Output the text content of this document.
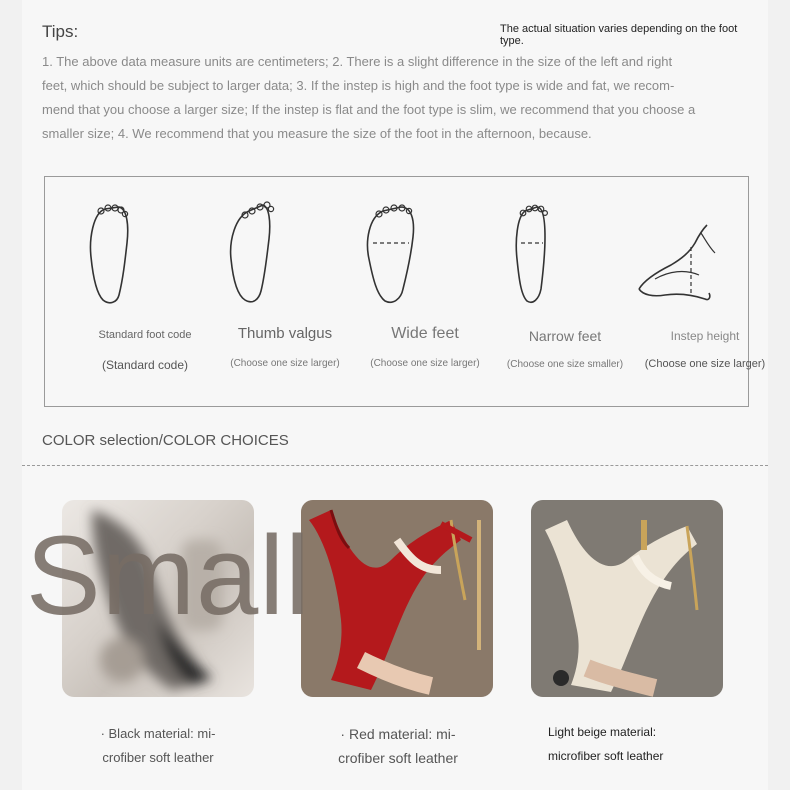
Tips:	The actual situation varies depending on the foot type.
1. The above data measure units are centimeters; 2. There is a slight difference in the size of the left and right
feet, which should be subject to larger data; 3. If the instep is high and the foot type is wide and fat, we recom-
mend that you choose a larger size; If the instep is flat and the foot type is slim, we recommend that you choose a
smaller size; 4. We recommend that you measure the size of the foot in the afternoon, because.
Standard foot code
(Standard code)
Thumb valgus
(Choose one size larger)
Wide feet
(Choose one size larger)
Narrow feet
(Choose one size smaller)
Instep height
(Choose one size larger)
COLOR selection/COLOR CHOICES
Small
· Black material: mi-
crofiber soft leather
· Red material: mi-
crofiber soft leather
Light beige material:
microfiber soft leather
